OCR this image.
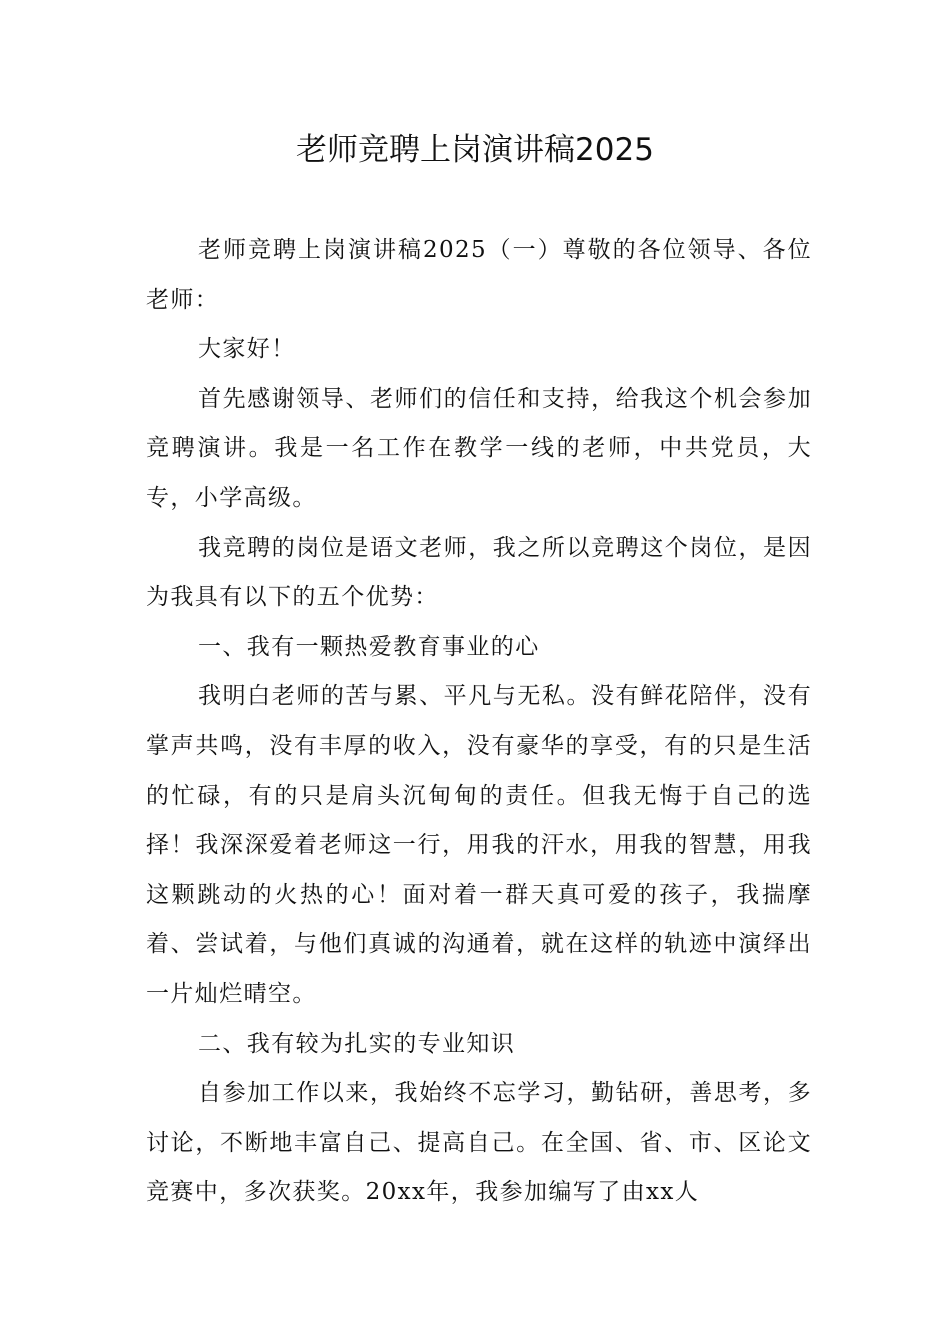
老师竞聘上岗演讲稿2025

老师竞聘上岗演讲稿2025（一）尊敬的各位领导、各位老师：

大家好！

首先感谢领导、老师们的信任和支持，给我这个机会参加竞聘演讲。我是一名工作在教学一线的老师，中共党员，大专，小学高级。

我竞聘的岗位是语文老师，我之所以竞聘这个岗位，是因为我具有以下的五个优势：

一、我有一颗热爱教育事业的心

我明白老师的苦与累、平凡与无私。没有鲜花陪伴，没有掌声共鸣，没有丰厚的收入，没有豪华的享受，有的只是生活的忙碌，有的只是肩头沉甸甸的责任。但我无悔于自己的选择！我深深爱着老师这一行，用我的汗水，用我的智慧，用我这颗跳动的火热的心！面对着一群天真可爱的孩子，我揣摩着、尝试着，与他们真诚的沟通着，就在这样的轨迹中演绎出一片灿烂晴空。

二、我有较为扎实的专业知识

自参加工作以来，我始终不忘学习，勤钻研，善思考，多讨论，不断地丰富自己、提高自己。在全国、省、市、区论文竞赛中，多次获奖。20xx年，我参加编写了由xx人
